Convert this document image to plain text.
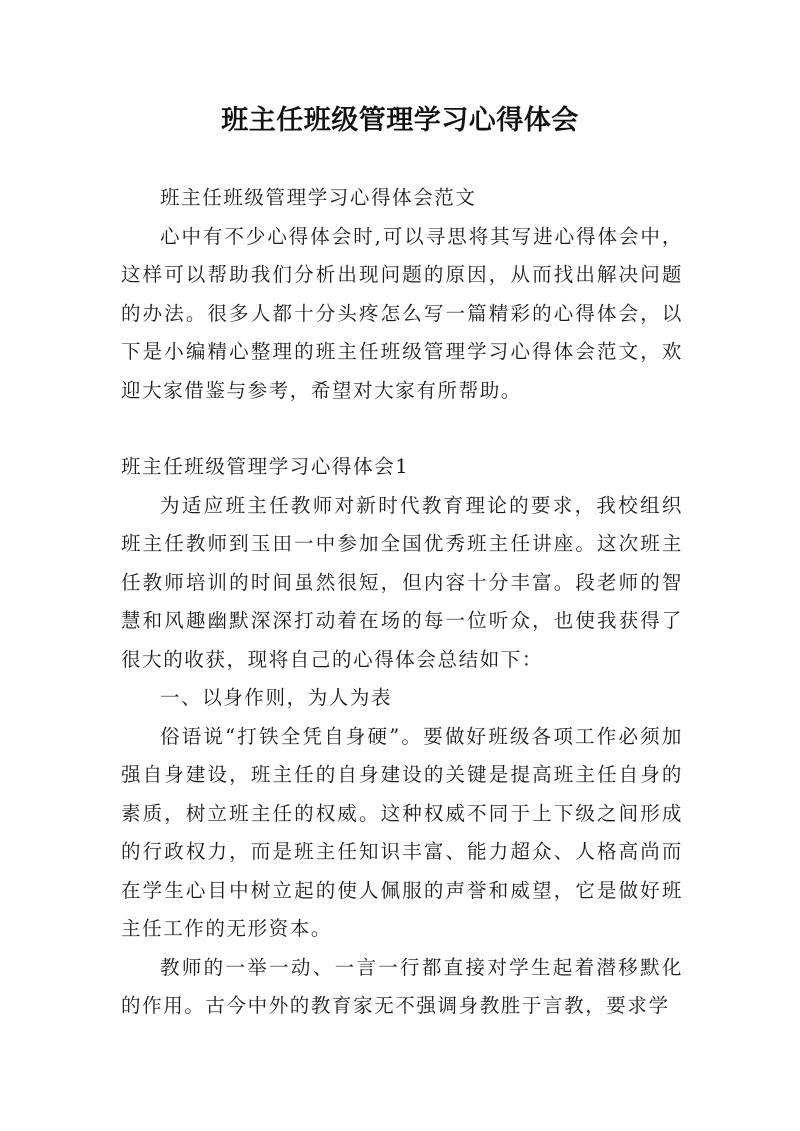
班主任班级管理学习心得体会

班主任班级管理学习心得体会范文

心中有不少心得体会时,可以寻思将其写进心得体会中，这样可以帮助我们分析出现问题的原因，从而找出解决问题的办法。很多人都十分头疼怎么写一篇精彩的心得体会，以下是小编精心整理的班主任班级管理学习心得体会范文，欢迎大家借鉴与参考，希望对大家有所帮助。

班主任班级管理学习心得体会1

为适应班主任教师对新时代教育理论的要求，我校组织班主任教师到玉田一中参加全国优秀班主任讲座。这次班主任教师培训的时间虽然很短，但内容十分丰富。段老师的智慧和风趣幽默深深打动着在场的每一位听众，也使我获得了很大的收获，现将自己的心得体会总结如下：

一、以身作则，为人为表

俗语说“打铁全凭自身硬”。要做好班级各项工作必须加强自身建设，班主任的自身建设的关键是提高班主任自身的素质，树立班主任的权威。这种权威不同于上下级之间形成的行政权力，而是班主任知识丰富、能力超众、人格高尚而在学生心目中树立起的使人佩服的声誉和威望，它是做好班主任工作的无形资本。

教师的一举一动、一言一行都直接对学生起着潜移默化的作用。古今中外的教育家无不强调身教胜于言教，要求学
